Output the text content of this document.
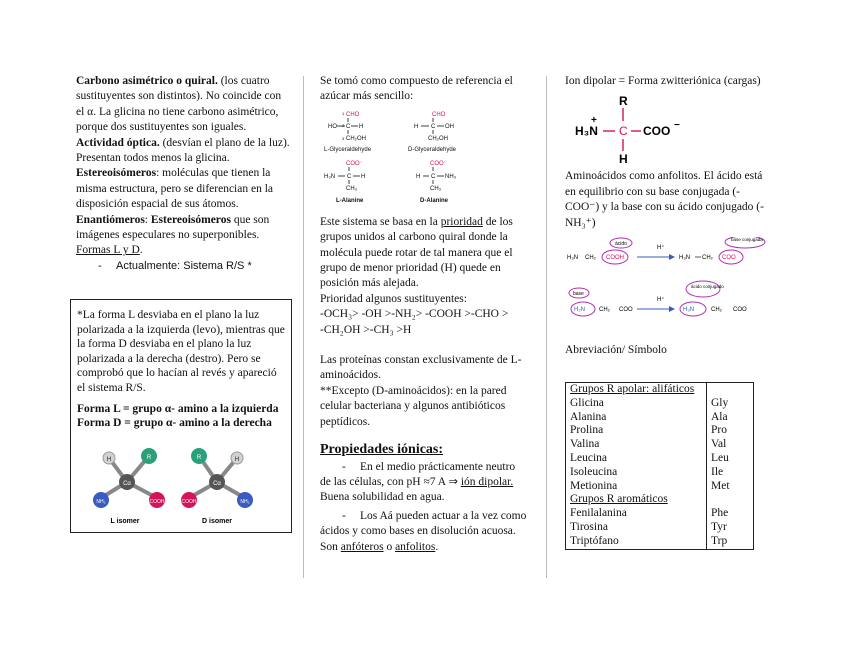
Carbono asimétrico o quiral. (los cuatro sustituyentes son distintos). No coincide con el α. La glicina no tiene carbono asimétrico, porque dos sustituyentes son iguales. Actividad óptica. (desvían el plano de la luz). Presentan todos menos la glicina.

Estereoisómeros: moléculas que tienen la misma estructura, pero se diferencian en la disposición espacial de sus átomos.

Enantiómeros: Estereoisómeros que son imágenes especulares no superponibles.

Formas L y D.

- Actualmente: Sistema R/S *

*La forma L desviaba en el plano la luz polarizada a la izquierda (levo), mientras que la forma D desviaba en el plano la luz polarizada a la derecha (destro). Pero se comprobó que lo hacían al revés y apareció el sistema R/S.

Forma L = grupo α- amino a la izquierda

Forma D = grupo α- amino a la derecha

H	R
NH₂	COOH
Cα
L isomer
R	H
COOH	NH₂
Cα
D isomer

Se tomó como compuesto de referencia el azúcar más sencillo:

CHO
1
HO C
2 H
3 CH₂OH
L-Glyceraldehyde
CHO
H C OH
CH₂OH
D-Glyceraldehyde
COO⁻
H₃N C H
CH₃
L-Alanine
COO⁻
H C NH₃
CH₃
D-Alanine

Este sistema se basa en la prioridad de los grupos unidos al carbono quiral donde la molécula puede rotar de tal manera que el grupo de menor prioridad (H) quede en posición más alejada.

Prioridad algunos sustituyentes:

-OCH₃> -OH >-NH₂> -COOH >-CHO >

-CH₂OH >-CH₃ >H

Las proteínas constan exclusivamente de L-aminoácidos.

**Excepto (D-aminoácidos): en la pared celular bacteriana y algunos antibióticos peptídicos.

Propiedades iónicas:

- En el medio prácticamente neutro de las células, con pH ≈7 A ⇒ ión dipolar. Buena solubilidad en agua.

- Los Aá pueden actuar a la vez como ácidos y como bases en disolución acuosa. Son anfóteros o anfolitos.

Ion dipolar = Forma zwitteriónica (cargas)

R
H₃N
+
C COO −
H

Aminoácidos como anfolitos. El ácido está en equilibrio con su base conjugada (-COO⁻) y la base con su ácido conjugado (-NH₃⁺)

H₃N CH₂ COOH
ácido
H⁺
H₃N CH₂ COO
base conjugada
H₂N
base
CH₂ COO
H⁺
H₃N	CH₂ COO
ácido conjugado

Abreviación/ Símbolo

Grupos R apolar: alifáticos	
Glicina	Gly
Alanina	Ala
Prolina	Pro
Valina	Val
Leucina	Leu
Isoleucina	Ile
Metionina	Met
Grupos R aromáticos	
Fenilalanina	Phe
Tirosina	Tyr
Triptófano	Trp
